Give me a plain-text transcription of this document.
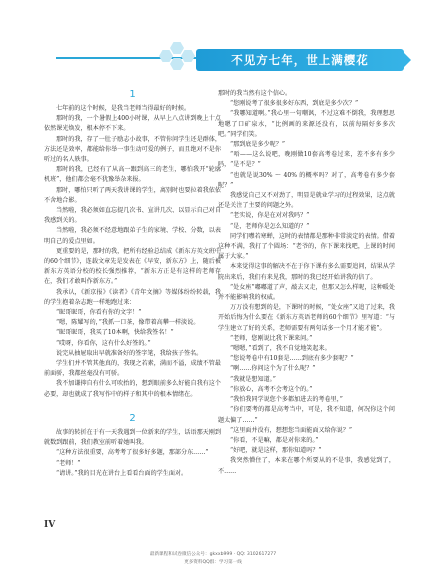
不见方七年，世上满樱花
1

七年前的这个时候，是我当老师当得最好的时候。

那时的我，一个暑假上400小时课，从早上八点讲到晚上十点依然课光焕发，根本停不下来。

那时的我，存了一肚子励志小故事，不管你问学生还是群体，方法还是效率，都能给你举一事生动可爱的例子，而且绝对不是你听过的名人轶事。

那时的我，已经有了从高一跟到高三的老生，哪怕我开“轮廓机班”，他们都会毫不犹豫举杂来报。

那时，哪怕只听了两天我讲课的学生，离别时也要拉着我依依不舍地合影。

当然啦，我必须如直忘提几次书、宣讲几次、以显示自己对自我感到关的。

当然啦，我必须不经意地跟弟子生的家境、学校、分数，以表明自己的爱点里如。

更重要的是，那时的我，把所有经验总结成《新东方英文班中的60个细节》，连载文章先是发表在《早安，新东方》上，随后被新东方英语分校的校长强烈推荐，“新东方正是有这样的老师存在，我们才敢叫作新东方。”

我承认，《新京报》《读者》《青年文摘》等媒体纷纷转载，我的学生抱着杂志跑一样地跑过来：

“昵哥昵哥，你看有你的文字！”

“嗯，陈耀写的，”我抓一口茶，像带着高攀一样淡说。

“昵哥昵哥，我买了10本啊，快给我签名！”

“哎呀，你看你，这有什么好签的。”

说完从抽屉取出早就准备好的签字笔，我给孩子签名。

学生们并不管其他真的，我现之若素，满而不溢，成绩不管最前面骄，我都丝毫没有可骄。

我不加谦抑自有什么可吹抬的，想到眼前多么好能自我有这个必要，却也就成了我写作中的样子和其中的根本情绪在。

2

故事的转折在于有一天我遇到一位新来的学生，话语那天刚到就数到跟前，我们教室前听着她叫我。

“这种方法很重要，高考考了很多好多题，那部分东……”

“老师！”

“请讲。”我的目光在讲台上看看台面的学生面对。

那时的我当然有这个信心。

“您刚说考了很多很多好东西，到底是多少次？”

“我哪知道啊。”我心里一句嘲讽，不过这难不倒我，我理想思地嗯了口矿泉水，“比例画的来源还没有，以前每隔好多多次吧。”同学们笑。

“那到底是多少呢？”

“唔——这么说吧，晚刚做10套高考卷过来，差不多有多少吗，“是不是？”

“也就是说30% ～ 40% 的概率吗？对了，高考卷有多少套呢？”

我感觉自己又不对劲了，明显是就业学习的过程效果，这点就还是关注了主要的问题之外。

“老实说，你是在对对我吗？”

“是，老师你是怎么知道的？”

同学们噤若寒蝉，这时的表情都是那种非常淡定的表情。借着这种不满，我打了个圆场：“老爷的，你下课来找吧，上课的时间属于大家。”

本来觉得这事的解决不在于你下课有多么需要追问，结果从学院出来后，我们有来见我，那时的我已经开始讲我的信了。

“处女座”嘟嘟道了声，敲去又走，但那又怎么样呢，这种暖处并不能影响我的权威。

万万没有想到的是，下课时的时候，“处女座”又追了过来，我开始后悔为什么要在《新东方英语老师的60个细节》里写道：“与学生建立了好的关系，老师需要有两句话多一个月才能才能”。

“老师，您刚说比我下课来问。”

“嗯嗯，”看到了，我不自觉地笑起来。

“您说考卷中有10套是……到底有多少套呢？”

“啊……你问这个为了什么呢？”

“我就是想知道。”

“你放心，高考不会考这个的。”

“我怕我同学说您个多都加进去的考卷里，”

“你们要考的都是高考当中，可是，我不知道，何况你这个问题太偏了……”

“这里面并没有，想想您当面能面又给你说？”

“你看，不是嘛，都是对你来的。”

“好吧，就是这样，那你知道吗？”

我突然懵住了，本来在哪个所要从的不是事，我感觉到了，不……

IV
最新课程和试卷微信公众号：gkxxb999 · QQ: 3102617277
更多资料QQ群：学习第一线
